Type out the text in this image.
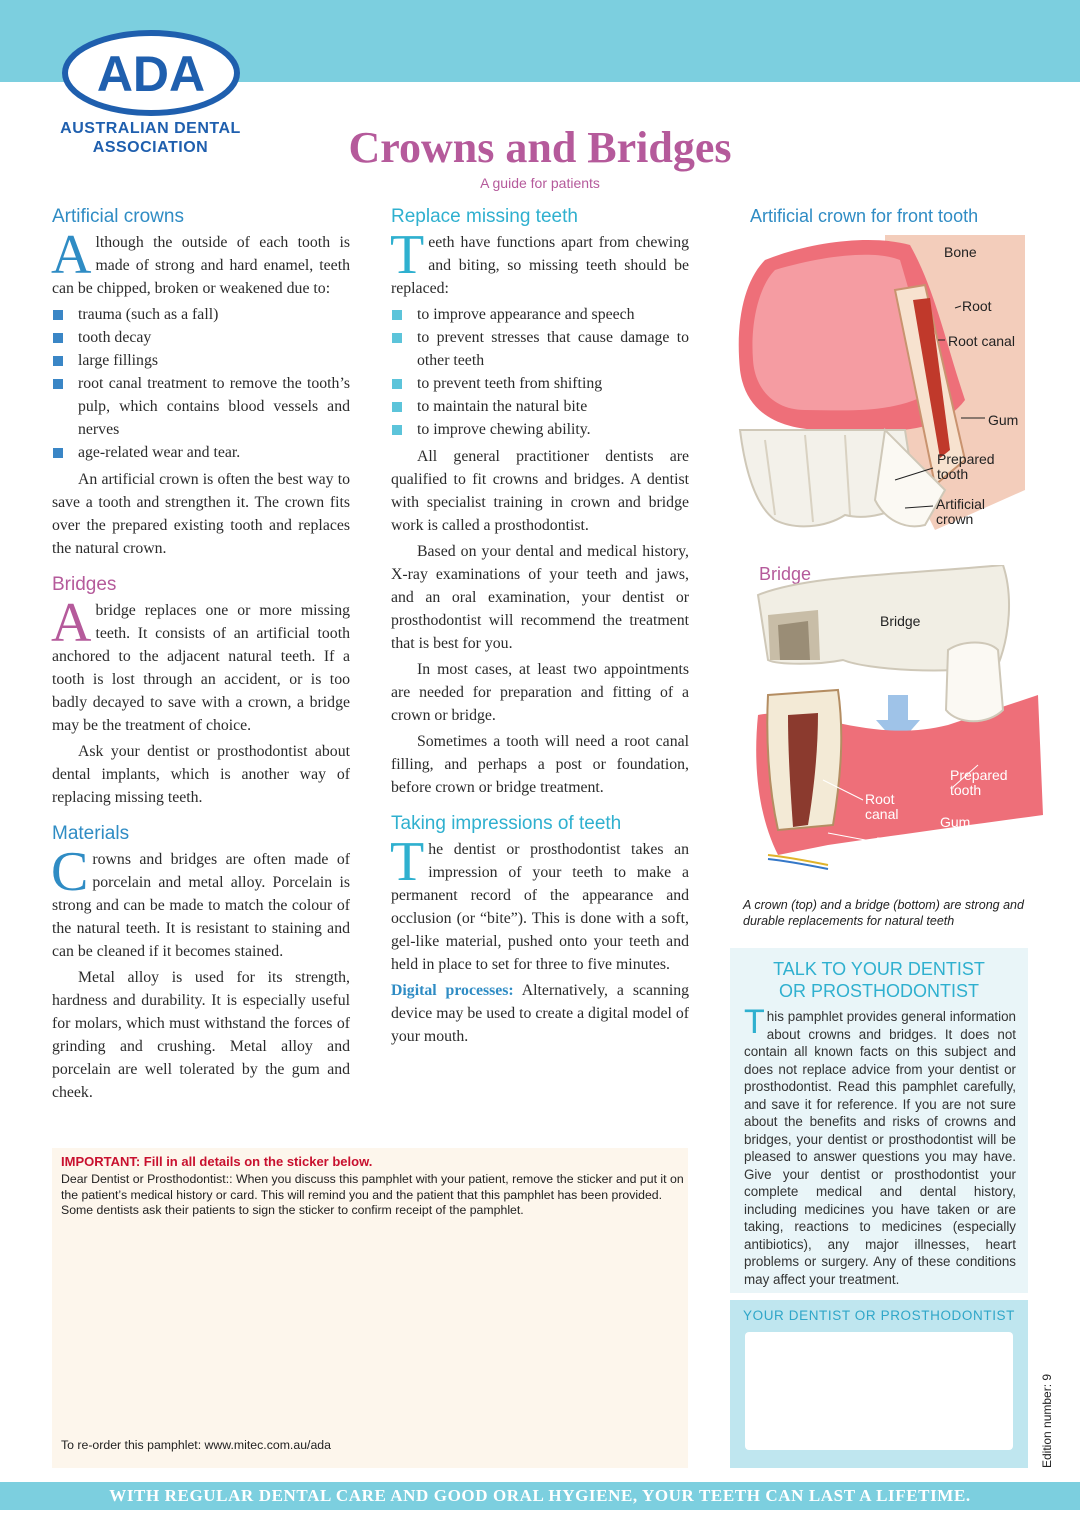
ADA
AUSTRALIAN DENTAL
ASSOCIATION	Crowns and Bridges
A guide for patients
Artificial crowns

Although the outside of each tooth is made of strong and hard enamel, teeth can be chipped, broken or weakened due to:

trauma (such as a fall)
tooth decay
large fillings
root canal treatment to remove the tooth’s pulp, which contains blood vessels and nerves
age-related wear and tear.

An artificial crown is often the best way to save a tooth and strengthen it. The crown fits over the prepared existing tooth and replaces the natural crown.

Bridges

A bridge replaces one or more missing teeth. It consists of an artificial tooth anchored to the adjacent natural teeth. If a tooth is lost through an accident, or is too badly decayed to save with a crown, a bridge may be the treatment of choice.

Ask your dentist or prosthodontist about dental implants, which is another way of replacing missing teeth.

Materials

Crowns and bridges are often made of porcelain and metal alloy. Porcelain is strong and can be made to match the colour of the natural teeth. It is resistant to staining and can be cleaned if it becomes stained.

Metal alloy is used for its strength, hardness and durability. It is especially useful for molars, which must withstand the forces of grinding and crushing. Metal alloy and porcelain are well tolerated by the gum and cheek.

Replace missing teeth

Teeth have functions apart from chewing and biting, so missing teeth should be replaced:

to improve appearance and speech
to prevent stresses that cause damage to other teeth
to prevent teeth from shifting
to maintain the natural bite
to improve chewing ability.

All general practitioner dentists are qualified to fit crowns and bridges. A dentist with specialist training in crown and bridge work is called a prosthodontist.

Based on your dental and medical history, X-ray examinations of your teeth and jaws, and an oral examination, your dentist or prosthodontist will recommend the treatment that is best for you.

In most cases, at least two appointments are needed for preparation and fitting of a crown or bridge.

Sometimes a tooth will need a root canal filling, and perhaps a post or foundation, before crown or bridge treatment.

Taking impressions of teeth

The dentist or prosthodontist takes an impression of your teeth to make a permanent record of the appearance and occlusion (or “bite”). This is done with a soft, gel-like material, pushed onto your teeth and held in place to set for three to five minutes.

Digital processes: Alternatively, a scanning device may be used to create a digital model of your mouth.

Artificial crown for front tooth
Bone
Root
Root canal
Gum
Prepared
tooth
Artificial
crown
Bridge
Bridge
Prepared
tooth
Root
canal	Gum
Root
A crown (top) and a bridge (bottom) are strong and durable replacements for natural teeth
TALK TO YOUR DENTIST
OR PROSTHODONTIST
This pamphlet provides general information about crowns and bridges. It does not contain all known facts on this subject and does not replace advice from your dentist or prosthodontist. Read this pamphlet carefully, and save it for reference. If you are not sure about the benefits and risks of crowns and bridges, your dentist or prosthodontist will be pleased to answer questions you may have. Give your dentist or prosthodontist your complete medical and dental history, including medicines you have taken or are taking, reactions to medicines (especially antibiotics), any major illnesses, heart problems or surgery. Any of these conditions may affect your treatment.
YOUR DENTIST OR PROSTHODONTIST
Edition number: 9
IMPORTANT: Fill in all details on the sticker below.
Dear Dentist or Prosthodontist:: When you discuss this pamphlet with your patient, remove the sticker and put it on the patient’s medical history or card. This will remind you and the patient that this pamphlet has been provided. Some dentists ask their patients to sign the sticker to confirm receipt of the pamphlet.
To re-order this pamphlet: www.mitec.com.au/ada
WITH REGULAR DENTAL CARE AND GOOD ORAL HYGIENE, YOUR TEETH CAN LAST A LIFETIME.
